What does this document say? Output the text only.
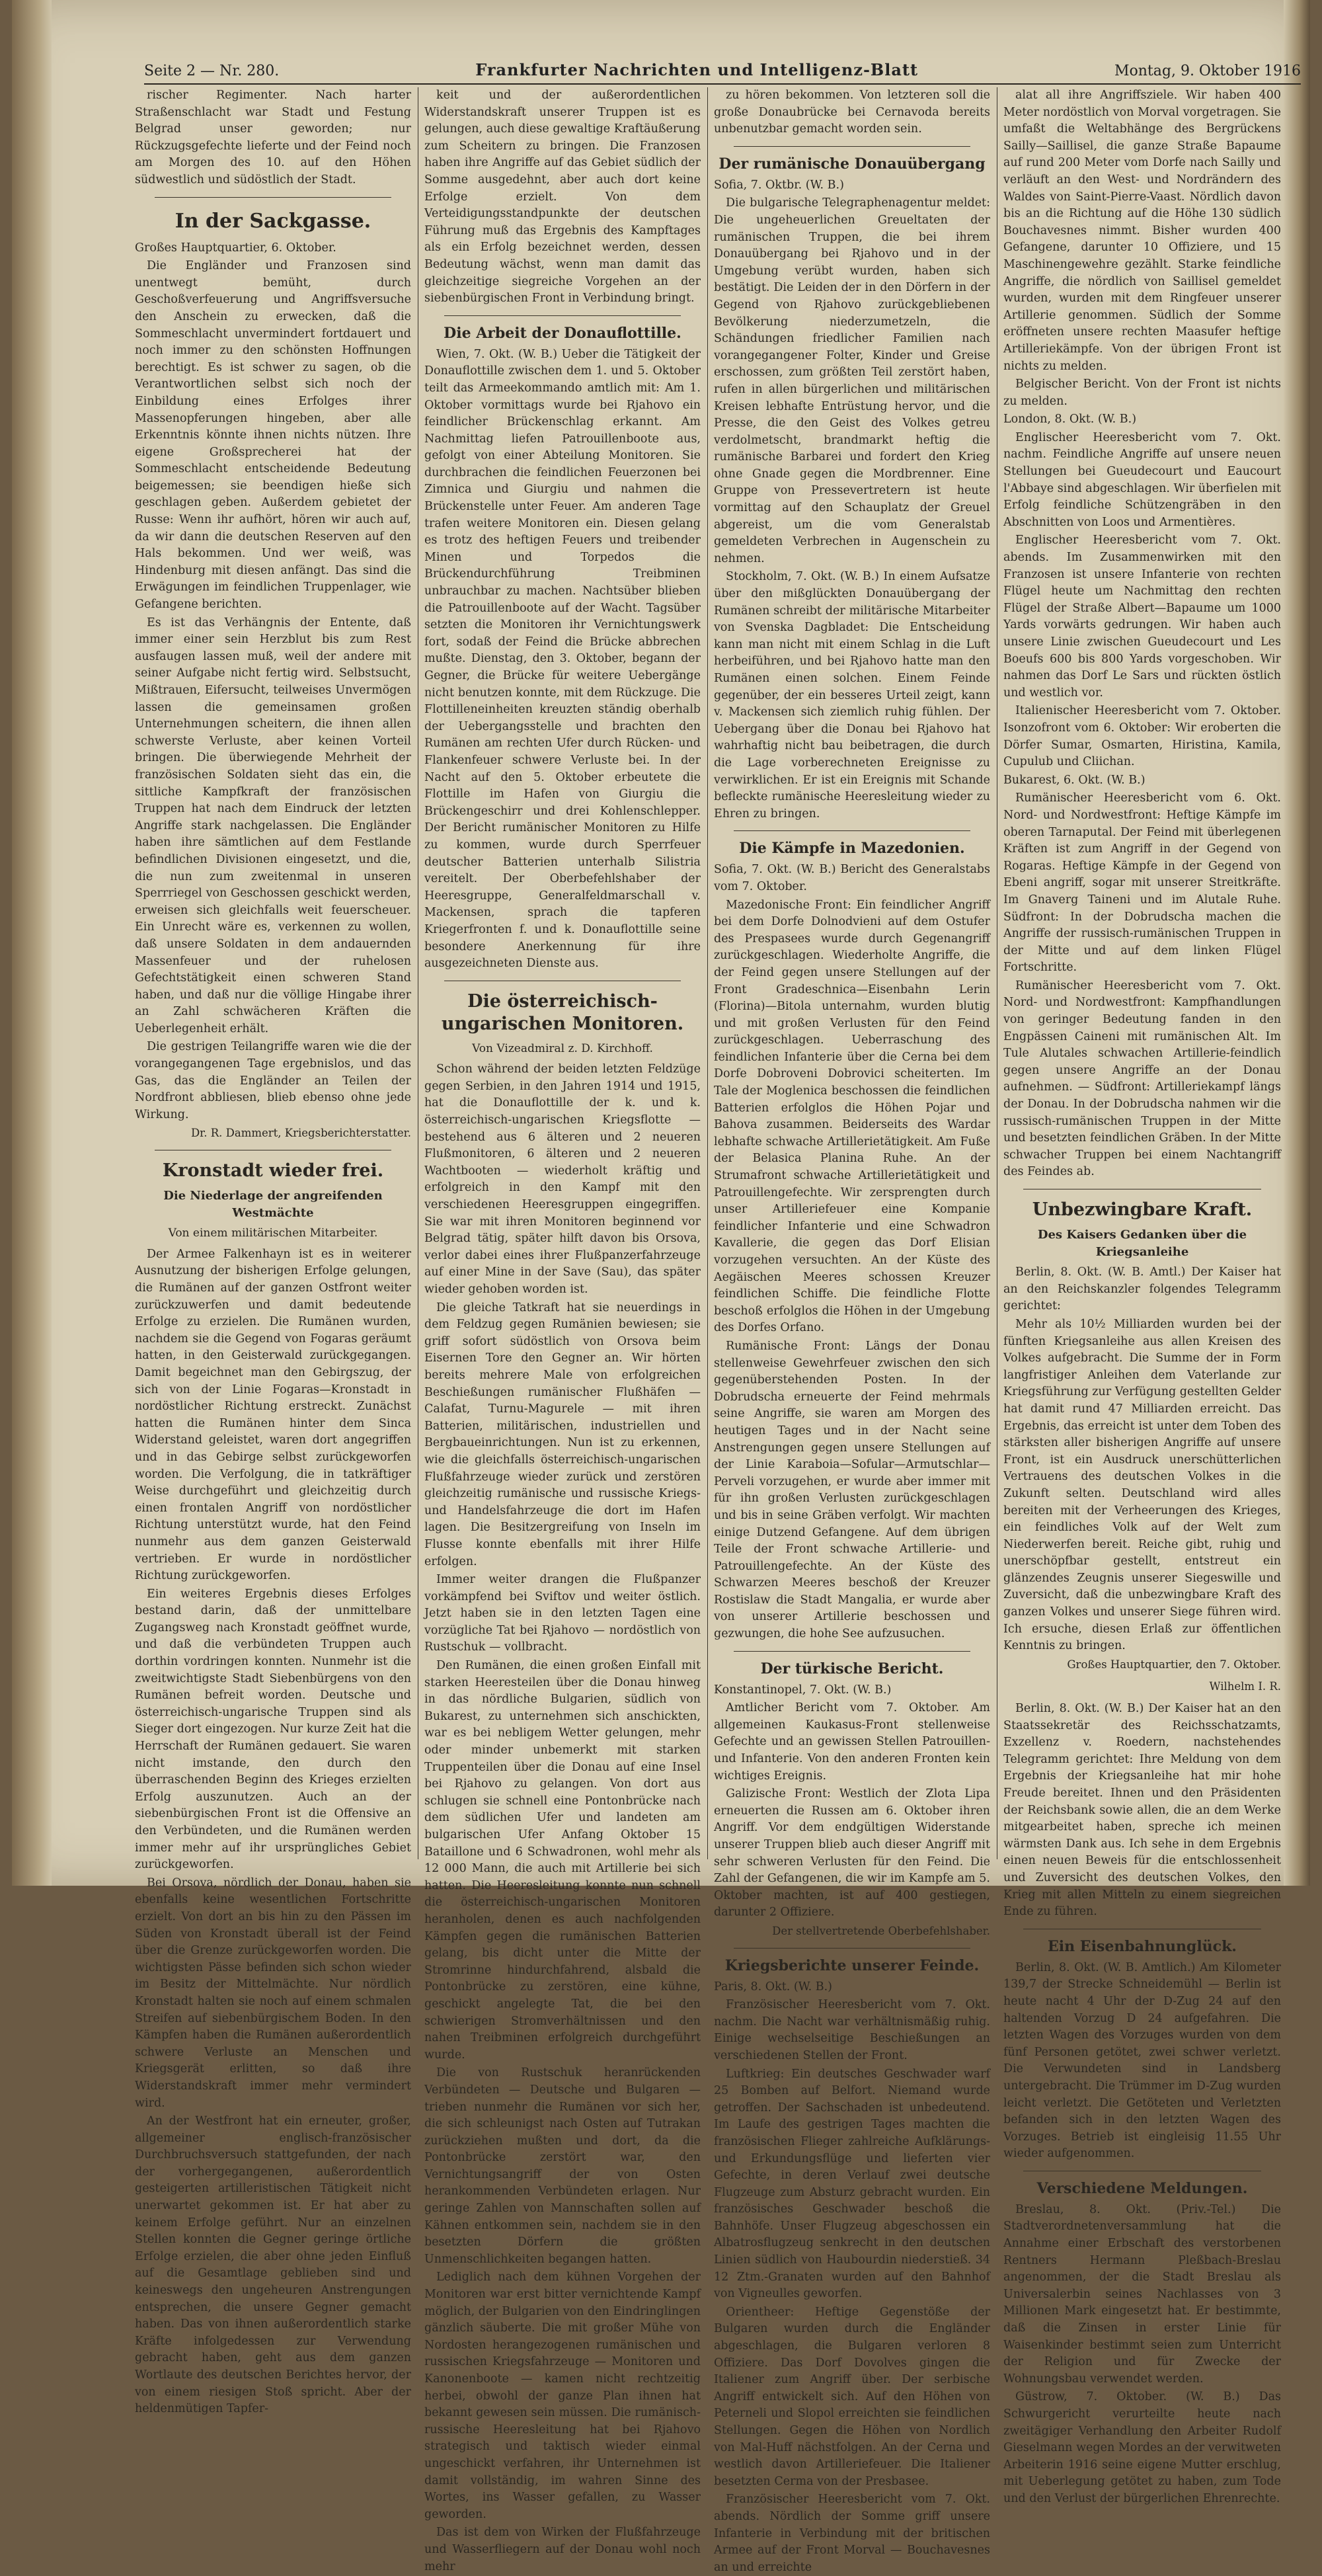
Seite 2 — Nr. 280.	Frankfurter Nachrichten und Intelligenz-Blatt	Montag, 9. Oktober 1916

rischer Regimenter. Nach harter Straßenschlacht war Stadt und Festung Belgrad unser geworden; nur Rückzugsgefechte lieferte und der Feind noch am Morgen des 10. auf den Höhen südwestlich und südöstlich der Stadt.

In der Sackgasse.

Großes Hauptquartier, 6. Oktober.

Die Engländer und Franzosen sind unentwegt bemüht, durch Geschoßverfeuerung und Angriffsversuche den Anschein zu erwecken, daß die Sommeschlacht unvermindert fortdauert und noch immer zu den schönsten Hoffnungen berechtigt. Es ist schwer zu sagen, ob die Verantwortlichen selbst sich noch der Einbildung eines Erfolges ihrer Massenopferungen hingeben, aber alle Erkenntnis könnte ihnen nichts nützen. Ihre eigene Großsprecherei hat der Sommeschlacht entscheidende Bedeutung beigemessen; sie beendigen hieße sich geschlagen geben. Außerdem gebietet der Russe: Wenn ihr aufhört, hören wir auch auf, da wir dann die deutschen Reserven auf den Hals bekommen. Und wer weiß, was Hindenburg mit diesen anfängt. Das sind die Erwägungen im feindlichen Truppenlager, wie Gefangene berichten.

Es ist das Verhängnis der Entente, daß immer einer sein Herzblut bis zum Rest ausfaugen lassen muß, weil der andere mit seiner Aufgabe nicht fertig wird. Selbstsucht, Mißtrauen, Eifersucht, teilweises Unvermögen lassen die gemeinsamen großen Unternehmungen scheitern, die ihnen allen schwerste Verluste, aber keinen Vorteil bringen. Die überwiegende Mehrheit der französischen Soldaten sieht das ein, die sittliche Kampfkraft der französischen Truppen hat nach dem Eindruck der letzten Angriffe stark nachgelassen. Die Engländer haben ihre sämtlichen auf dem Festlande befindlichen Divisionen eingesetzt, und die, die nun zum zweitenmal in unseren Sperrriegel von Geschossen geschickt werden, erweisen sich gleichfalls weit feuerscheuer. Ein Unrecht wäre es, verkennen zu wollen, daß unsere Soldaten in dem andauernden Massenfeuer und der ruhelosen Gefechtstätigkeit einen schweren Stand haben, und daß nur die völlige Hingabe ihrer an Zahl schwächeren Kräften die Ueberlegenheit erhält.

Die gestrigen Teilangriffe waren wie die der vorangegangenen Tage ergebnislos, und das Gas, das die Engländer an Teilen der Nordfront abbliesen, blieb ebenso ohne jede Wirkung.

Dr. R. Dammert, Kriegsberichterstatter.
Kronstadt wieder frei.
Die Niederlage der angreifenden Westmächte
Von einem militärischen Mitarbeiter.

Der Armee Falkenhayn ist es in weiterer Ausnutzung der bisherigen Erfolge gelungen, die Rumänen auf der ganzen Ostfront weiter zurückzuwerfen und damit bedeutende Erfolge zu erzielen. Die Rumänen wurden, nachdem sie die Gegend von Fogaras geräumt hatten, in den Geisterwald zurückgegangen. Damit begeichnet man den Gebirgszug, der sich von der Linie Fogaras—Kronstadt in nordöstlicher Richtung erstreckt. Zunächst hatten die Rumänen hinter dem Sinca Widerstand geleistet, waren dort angegriffen und in das Gebirge selbst zurückgeworfen worden. Die Verfolgung, die in tatkräftiger Weise durchgeführt und gleichzeitig durch einen frontalen Angriff von nordöstlicher Richtung unterstützt wurde, hat den Feind nunmehr aus dem ganzen Geisterwald vertrieben. Er wurde in nordöstlicher Richtung zurückgeworfen.

Ein weiteres Ergebnis dieses Erfolges bestand darin, daß der unmittelbare Zugangsweg nach Kronstadt geöffnet wurde, und daß die verbündeten Truppen auch dorthin vordringen konnten. Nunmehr ist die zweitwichtigste Stadt Siebenbürgens von den Rumänen befreit worden. Deutsche und österreichisch-ungarische Truppen sind als Sieger dort eingezogen. Nur kurze Zeit hat die Herrschaft der Rumänen gedauert. Sie waren nicht imstande, den durch den überraschenden Beginn des Krieges erzielten Erfolg auszunutzen. Auch an der siebenbürgischen Front ist die Offensive an den Verbündeten, und die Rumänen werden immer mehr auf ihr ursprüngliches Gebiet zurückgeworfen.

Bei Orsova, nördlich der Donau, haben sie ebenfalls keine wesentlichen Fortschritte erzielt. Von dort an bis hin zu den Pässen im Süden von Kronstadt überall ist der Feind über die Grenze zurückgeworfen worden. Die wichtigsten Pässe befinden sich schon wieder im Besitz der Mittelmächte. Nur nördlich Kronstadt halten sie noch auf einem schmalen Streifen auf siebenbürgischem Boden. In den Kämpfen haben die Rumänen außerordentlich schwere Verluste an Menschen und Kriegsgerät erlitten, so daß ihre Widerstandskraft immer mehr vermindert wird.

An der Westfront hat ein erneuter, großer, allgemeiner englisch-französischer Durchbruchsversuch stattgefunden, der nach der vorhergegangenen, außerordentlich gesteigerten artilleristischen Tätigkeit nicht unerwartet gekommen ist. Er hat aber zu keinem Erfolge geführt. Nur an einzelnen Stellen konnten die Gegner geringe örtliche Erfolge erzielen, die aber ohne jeden Einfluß auf die Gesamtlage geblieben sind und keineswegs den ungeheuren Anstrengungen entsprechen, die unsere Gegner gemacht haben. Das von ihnen außerordentlich starke Kräfte infolgedessen zur Verwendung gebracht haben, geht aus dem ganzen Wortlaute des deutschen Berichtes hervor, der von einem riesigen Stoß spricht. Aber der heldenmütigen Tapfer-

keit und der außerordentlichen Widerstandskraft unserer Truppen ist es gelungen, auch diese gewaltige Kraftäußerung zum Scheitern zu bringen. Die Franzosen haben ihre Angriffe auf das Gebiet südlich der Somme ausgedehnt, aber auch dort keine Erfolge erzielt. Von dem Verteidigungsstandpunkte der deutschen Führung muß das Ergebnis des Kampftages als ein Erfolg bezeichnet werden, dessen Bedeutung wächst, wenn man damit das gleichzeitige siegreiche Vorgehen an der siebenbürgischen Front in Verbindung bringt.

Die Arbeit der Donauflottille.

Wien, 7. Okt. (W. B.) Ueber die Tätigkeit der Donauflottille zwischen dem 1. und 5. Oktober teilt das Armeekommando amtlich mit: Am 1. Oktober vormittags wurde bei Rjahovo ein feindlicher Brückenschlag erkannt. Am Nachmittag liefen Patrouillenboote aus, gefolgt von einer Abteilung Monitoren. Sie durchbrachen die feindlichen Feuerzonen bei Zimnica und Giurgiu und nahmen die Brückenstelle unter Feuer. Am anderen Tage trafen weitere Monitoren ein. Diesen gelang es trotz des heftigen Feuers und treibender Minen und Torpedos die Brückendurchführung Treibminen unbrauchbar zu machen. Nachtsüber blieben die Patrouillenboote auf der Wacht. Tagsüber setzten die Monitoren ihr Vernichtungswerk fort, sodaß der Feind die Brücke abbrechen mußte. Dienstag, den 3. Oktober, begann der Gegner, die Brücke für weitere Uebergänge nicht benutzen konnte, mit dem Rückzuge. Die Flottilleneinheiten kreuzten ständig oberhalb der Uebergangsstelle und brachten den Rumänen am rechten Ufer durch Rücken- und Flankenfeuer schwere Verluste bei. In der Nacht auf den 5. Oktober erbeutete die Flottille im Hafen von Giurgiu die Brückengeschirr und drei Kohlenschlepper. Der Bericht rumänischer Monitoren zu Hilfe zu kommen, wurde durch Sperrfeuer deutscher Batterien unterhalb Silistria vereitelt. Der Oberbefehlshaber der Heeresgruppe, Generalfeldmarschall v. Mackensen, sprach die tapferen Kriegerfronten f. und k. Donauflottille seine besondere Anerkennung für ihre ausgezeichneten Dienste aus.

Die österreichisch-ungarischen Monitoren.
Von Vizeadmiral z. D. Kirchhoff.

Schon während der beiden letzten Feldzüge gegen Serbien, in den Jahren 1914 und 1915, hat die Donauflottille der k. und k. österreichisch-ungarischen Kriegsflotte — bestehend aus 6 älteren und 2 neueren Flußmonitoren, 6 älteren und 2 neueren Wachtbooten — wiederholt kräftig und erfolgreich in den Kampf mit den verschiedenen Heeresgruppen eingegriffen. Sie war mit ihren Monitoren beginnend vor Belgrad tätig, später hilft davon bis Orsova, verlor dabei eines ihrer Flußpanzerfahrzeuge auf einer Mine in der Save (Sau), das später wieder gehoben worden ist.

Die gleiche Tatkraft hat sie neuerdings in dem Feldzug gegen Rumänien bewiesen; sie griff sofort südöstlich von Orsova beim Eisernen Tore den Gegner an. Wir hörten bereits mehrere Male von erfolgreichen Beschießungen rumänischer Flußhäfen — Calafat, Turnu-Magurele — mit ihren Batterien, militärischen, industriellen und Bergbaueinrichtungen. Nun ist zu erkennen, wie die gleichfalls österreichisch-ungarischen Flußfahrzeuge wieder zurück und zerstören gleichzeitig rumänische und russische Kriegs- und Handelsfahrzeuge die dort im Hafen lagen. Die Besitzergreifung von Inseln im Flusse konnte ebenfalls mit ihrer Hilfe erfolgen.

Immer weiter drangen die Flußpanzer vorkämpfend bei Sviftov und weiter östlich. Jetzt haben sie in den letzten Tagen eine vorzügliche Tat bei Rjahovo — nordöstlich von Rustschuk — vollbracht.

Den Rumänen, die einen großen Einfall mit starken Heeresteilen über die Donau hinweg in das nördliche Bulgarien, südlich von Bukarest, zu unternehmen sich anschickten, war es bei nebligem Wetter gelungen, mehr oder minder unbemerkt mit starken Truppenteilen über die Donau auf eine Insel bei Rjahovo zu gelangen. Von dort aus schlugen sie schnell eine Pontonbrücke nach dem südlichen Ufer und landeten am bulgarischen Ufer Anfang Oktober 15 Bataillone und 6 Schwadronen, wohl mehr als 12 000 Mann, die auch mit Artillerie bei sich hatten. Die Heeresleitung konnte nun schnell die österreichisch-ungarischen Monitoren heranholen, denen es auch nachfolgenden Kämpfen gegen die rumänischen Batterien gelang, bis dicht unter die Mitte der Stromrinne hindurchfahrend, alsbald die Pontonbrücke zu zerstören, eine kühne, geschickt angelegte Tat, die bei den schwierigen Stromverhältnissen und den nahen Treibminen erfolgreich durchgeführt wurde.

Die von Rustschuk heranrückenden Verbündeten — Deutsche und Bulgaren — trieben nunmehr die Rumänen vor sich her, die sich schleunigst nach Osten auf Tutrakan zurückziehen mußten und dort, da die Pontonbrücke zerstört war, den Vernichtungsangriff der von Osten herankommenden Verbündeten erlagen. Nur geringe Zahlen von Mannschaften sollen auf Kähnen entkommen sein, nachdem sie in den besetzten Dörfern die größten Unmenschlichkeiten begangen hatten.

Lediglich nach dem kühnen Vorgehen der Monitoren war erst bitter vernichtende Kampf möglich, der Bulgarien von den Eindringlingen gänzlich säuberte. Die mit großer Mühe von Nordosten herangezogenen rumänischen und russischen Kriegsfahrzeuge — Monitoren und Kanonenboote — kamen nicht rechtzeitig herbei, obwohl der ganze Plan ihnen hat bekannt gewesen sein müssen. Die rumänisch-russische Heeresleitung hat bei Rjahovo strategisch und taktisch wieder einmal ungeschickt verfahren, ihr Unternehmen ist damit vollständig, im wahren Sinne des Wortes, ins Wasser gefallen, zu Wasser geworden.

Das ist dem von Wirken der Flußfahrzeuge und Wasserfliegern auf der Donau wohl noch mehr

zu hören bekommen. Von letzteren soll die große Donaubrücke bei Cernavoda bereits unbenutzbar gemacht worden sein.

Der rumänische Donauübergang

Sofia, 7. Oktbr. (W. B.)

Die bulgarische Telegraphenagentur meldet: Die ungeheuerlichen Greueltaten der rumänischen Truppen, die bei ihrem Donauübergang bei Rjahovo und in der Umgebung verübt wurden, haben sich bestätigt. Die Leiden der in den Dörfern in der Gegend von Rjahovo zurückgebliebenen Bevölkerung niederzumetzeln, die Schändungen friedlicher Familien nach vorangegangener Folter, Kinder und Greise erschossen, zum größten Teil zerstört haben, rufen in allen bürgerlichen und militärischen Kreisen lebhafte Entrüstung hervor, und die Presse, die den Geist des Volkes getreu verdolmetscht, brandmarkt heftig die rumänische Barbarei und fordert den Krieg ohne Gnade gegen die Mordbrenner. Eine Gruppe von Pressevertretern ist heute vormittag auf den Schauplatz der Greuel abgereist, um die vom Generalstab gemeldeten Verbrechen in Augenschein zu nehmen.

Stockholm, 7. Okt. (W. B.) In einem Aufsatze über den mißglückten Donauübergang der Rumänen schreibt der militärische Mitarbeiter von Svenska Dagbladet: Die Entscheidung kann man nicht mit einem Schlag in die Luft herbeiführen, und bei Rjahovo hatte man den Rumänen einen solchen. Einem Feinde gegenüber, der ein besseres Urteil zeigt, kann v. Mackensen sich ziemlich ruhig fühlen. Der Uebergang über die Donau bei Rjahovo hat wahrhaftig nicht bau beibetragen, die durch die Lage vorberechneten Ereignisse zu verwirklichen. Er ist ein Ereignis mit Schande befleckte rumänische Heeresleitung wieder zu Ehren zu bringen.

Die Kämpfe in Mazedonien.

Sofia, 7. Okt. (W. B.) Bericht des Generalstabs vom 7. Oktober.

Mazedonische Front: Ein feindlicher Angriff bei dem Dorfe Dolnodvieni auf dem Ostufer des Prespasees wurde durch Gegenangriff zurückgeschlagen. Wiederholte Angriffe, die der Feind gegen unsere Stellungen auf der Front Gradeschnica—Eisenbahn Lerin (Florina)—Bitola unternahm, wurden blutig und mit großen Verlusten für den Feind zurückgeschlagen. Ueberraschung des feindlichen Infanterie über die Cerna bei dem Dorfe Dobroveni Dobrovici scheiterten. Im Tale der Moglenica beschossen die feindlichen Batterien erfolglos die Höhen Pojar und Bahova zusammen. Beiderseits des Wardar lebhafte schwache Artillerietätigkeit. Am Fuße der Belasica Planina Ruhe. An der Strumafront schwache Artillerietätigkeit und Patrouillengefechte. Wir zersprengten durch unser Artilleriefeuer eine Kompanie feindlicher Infanterie und eine Schwadron Kavallerie, die gegen das Dorf Elisian vorzugehen versuchten. An der Küste des Aegäischen Meeres schossen Kreuzer feindlichen Schiffe. Die feindliche Flotte beschoß erfolglos die Höhen in der Umgebung des Dorfes Orfano.

Rumänische Front: Längs der Donau stellenweise Gewehrfeuer zwischen den sich gegenüberstehenden Posten. In der Dobrudscha erneuerte der Feind mehrmals seine Angriffe, sie waren am Morgen des heutigen Tages und in der Nacht seine Anstrengungen gegen unsere Stellungen auf der Linie Karaboia—Sofular—Armutschlar—Perveli vorzugehen, er wurde aber immer mit für ihn großen Verlusten zurückgeschlagen und bis in seine Gräben verfolgt. Wir machten einige Dutzend Gefangene. Auf dem übrigen Teile der Front schwache Artillerie- und Patrouillengefechte. An der Küste des Schwarzen Meeres beschoß der Kreuzer Rostislaw die Stadt Mangalia, er wurde aber von unserer Artillerie beschossen und gezwungen, die hohe See aufzusuchen.

Der türkische Bericht.

Konstantinopel, 7. Okt. (W. B.)

Amtlicher Bericht vom 7. Oktober. Am allgemeinen Kaukasus-Front stellenweise Gefechte und an gewissen Stellen Patrouillen- und Infanterie. Von den anderen Fronten kein wichtiges Ereignis.

Galizische Front: Westlich der Zlota Lipa erneuerten die Russen am 6. Oktober ihren Angriff. Vor dem endgültigen Widerstande unserer Truppen blieb auch dieser Angriff mit sehr schweren Verlusten für den Feind. Die Zahl der Gefangenen, die wir im Kampfe am 5. Oktober machten, ist auf 400 gestiegen, darunter 2 Offiziere.

Der stellvertretende Oberbefehlshaber.
Kriegsberichte unserer Feinde.

Paris, 8. Okt. (W. B.)

Französischer Heeresbericht vom 7. Okt. nachm. Die Nacht war verhältnismäßig ruhig. Einige wechselseitige Beschießungen an verschiedenen Stellen der Front.

Luftkrieg: Ein deutsches Geschwader warf 25 Bomben auf Belfort. Niemand wurde getroffen. Der Sachschaden ist unbedeutend. Im Laufe des gestrigen Tages machten die französischen Flieger zahlreiche Aufklärungs- und Erkundungsflüge und lieferten vier Gefechte, in deren Verlauf zwei deutsche Flugzeuge zum Absturz gebracht wurden. Ein französisches Geschwader beschoß die Bahnhöfe. Unser Flugzeug abgeschossen ein Albatrosflugzeug senkrecht in den deutschen Linien südlich von Haubourdin niederstieß. 34 12 Ztm.-Granaten wurden auf den Bahnhof von Vigneulles geworfen.

Orientheer: Heftige Gegenstöße der Bulgaren wurden durch die Engländer abgeschlagen, die Bulgaren verloren 8 Offiziere. Das Dorf Dovolves gingen die Italiener zum Angriff über. Der serbische Angriff entwickelt sich. Auf den Höhen von Peterneli und Slopol erreichten sie feindlichen Stellungen. Gegen die Höhen von Nordlich von Mal-Huff nächstfolgen. An der Cerna und westlich davon Artilleriefeuer. Die Italiener besetzten Cerma von der Presbasee.

Französischer Heeresbericht vom 7. Okt. abends. Nördlich der Somme griff unsere Infanterie in Verbindung mit der britischen Armee auf der Front Morval — Bouchavesnes an und erreichte

alat all ihre Angriffsziele. Wir haben 400 Meter nordöstlich von Morval vorgetragen. Sie umfaßt die Weltabhänge des Bergrückens Sailly—Saillisel, die ganze Straße Bapaume auf rund 200 Meter vom Dorfe nach Sailly und verläuft an den West- und Nordrändern des Waldes von Saint-Pierre-Vaast. Nördlich davon bis an die Richtung auf die Höhe 130 südlich Bouchavesnes nimmt. Bisher wurden 400 Gefangene, darunter 10 Offiziere, und 15 Maschinengewehre gezählt. Starke feindliche Angriffe, die nördlich von Saillisel gemeldet wurden, wurden mit dem Ringfeuer unserer Artillerie genommen. Südlich der Somme eröffneten unsere rechten Maasufer heftige Artilleriekämpfe. Von der übrigen Front ist nichts zu melden.

Belgischer Bericht. Von der Front ist nichts zu melden.

London, 8. Okt. (W. B.)

Englischer Heeresbericht vom 7. Okt. nachm. Feindliche Angriffe auf unsere neuen Stellungen bei Gueudecourt und Eaucourt l'Abbaye sind abgeschlagen. Wir überfielen mit Erfolg feindliche Schützengräben in den Abschnitten von Loos und Armentières.

Englischer Heeresbericht vom 7. Okt. abends. Im Zusammenwirken mit den Franzosen ist unsere Infanterie von rechten Flügel heute um Nachmittag den rechten Flügel der Straße Albert—Bapaume um 1000 Yards vorwärts gedrungen. Wir haben auch unsere Linie zwischen Gueudecourt und Les Boeufs 600 bis 800 Yards vorgeschoben. Wir nahmen das Dorf Le Sars und rückten östlich und westlich vor.

Italienischer Heeresbericht vom 7. Oktober. Isonzofront vom 6. Oktober: Wir eroberten die Dörfer Sumar, Osmarten, Hiristina, Kamila, Cupulub und Cliichan.

Bukarest, 6. Okt. (W. B.)

Rumänischer Heeresbericht vom 6. Okt. Nord- und Nordwestfront: Heftige Kämpfe im oberen Tarnaputal. Der Feind mit überlegenen Kräften ist zum Angriff in der Gegend von Rogaras. Heftige Kämpfe in der Gegend von Ebeni angriff, sogar mit unserer Streitkräfte. Im Gnaverg Taineni und im Alutale Ruhe. Südfront: In der Dobrudscha machen die Angriffe der russisch-rumänischen Truppen in der Mitte und auf dem linken Flügel Fortschritte.

Rumänischer Heeresbericht vom 7. Okt. Nord- und Nordwestfront: Kampfhandlungen von geringer Bedeutung fanden in den Engpässen Caineni mit rumänischen Alt. Im Tule Alutales schwachen Artillerie-feindlich gegen unsere Angriffe an der Donau aufnehmen. — Südfront: Artilleriekampf längs der Donau. In der Dobrudscha nahmen wir die russisch-rumänischen Truppen in der Mitte und besetzten feindlichen Gräben. In der Mitte schwacher Truppen bei einem Nachtangriff des Feindes ab.

Unbezwingbare Kraft.
Des Kaisers Gedanken über die Kriegsanleihe

Berlin, 8. Okt. (W. B. Amtl.) Der Kaiser hat an den Reichskanzler folgendes Telegramm gerichtet:

Mehr als 10½ Milliarden wurden bei der fünften Kriegsanleihe aus allen Kreisen des Volkes aufgebracht. Die Summe der in Form langfristiger Anleihen dem Vaterlande zur Kriegsführung zur Verfügung gestellten Gelder hat damit rund 47 Milliarden erreicht. Das Ergebnis, das erreicht ist unter dem Toben des stärksten aller bisherigen Angriffe auf unsere Front, ist ein Ausdruck unerschütterlichen Vertrauens des deutschen Volkes in die Zukunft selten. Deutschland wird alles bereiten mit der Verheerungen des Krieges, ein feindliches Volk auf der Welt zum Niederwerfen bereit. Reiche gibt, ruhig und unerschöpfbar gestellt, entstreut ein glänzendes Zeugnis unserer Siegeswille und Zuversicht, daß die unbezwingbare Kraft des ganzen Volkes und unserer Siege führen wird. Ich ersuche, diesen Erlaß zur öffentlichen Kenntnis zu bringen.

Großes Hauptquartier, den 7. Oktober.
Wilhelm I. R.

Berlin, 8. Okt. (W. B.) Der Kaiser hat an den Staatssekretär des Reichsschatzamts, Exzellenz v. Roedern, nachstehendes Telegramm gerichtet: Ihre Meldung von dem Ergebnis der Kriegsanleihe hat mir hohe Freude bereitet. Ihnen und den Präsidenten der Reichsbank sowie allen, die an dem Werke mitgearbeitet haben, spreche ich meinen wärmsten Dank aus. Ich sehe in dem Ergebnis einen neuen Beweis für die entschlossenheit und Zuversicht des deutschen Volkes, den Krieg mit allen Mitteln zu einem siegreichen Ende zu führen.

Ein Eisenbahnunglück.

Berlin, 8. Okt. (W. B. Amtlich.) Am Kilometer 139,7 der Strecke Schneidemühl — Berlin ist heute nacht 4 Uhr der D-Zug 24 auf den haltenden Vorzug D 24 aufgefahren. Die letzten Wagen des Vorzuges wurden von dem fünf Personen getötet, zwei schwer verletzt. Die Verwundeten sind in Landsberg untergebracht. Die Trümmer im D-Zug wurden leicht verletzt. Die Getöteten und Verletzten befanden sich in den letzten Wagen des Vorzuges. Betrieb ist eingleisig 11.55 Uhr wieder aufgenommen.

Verschiedene Meldungen.

Breslau, 8. Okt. (Priv.-Tel.) Die Stadtverordnetenversammlung hat die Annahme einer Erbschaft des verstorbenen Rentners Hermann Pleßbach-Breslau angenommen, der die Stadt Breslau als Universalerbin seines Nachlasses von 3 Millionen Mark eingesetzt hat. Er bestimmte, daß die Zinsen in erster Linie für Waisenkinder bestimmt seien zum Unterricht der Religion und für Zwecke der Wohnungsbau verwendet werden.

Güstrow, 7. Oktober. (W. B.) Das Schwurgericht verurteilte heute nach zweitägiger Verhandlung den Arbeiter Rudolf Gieselmann wegen Mordes an der verwitweten Arbeiterin 1916 seine eigene Mutter erschlug, mit Ueberlegung getötet zu haben, zum Tode und den Verlust der bürgerlichen Ehrenrechte.
